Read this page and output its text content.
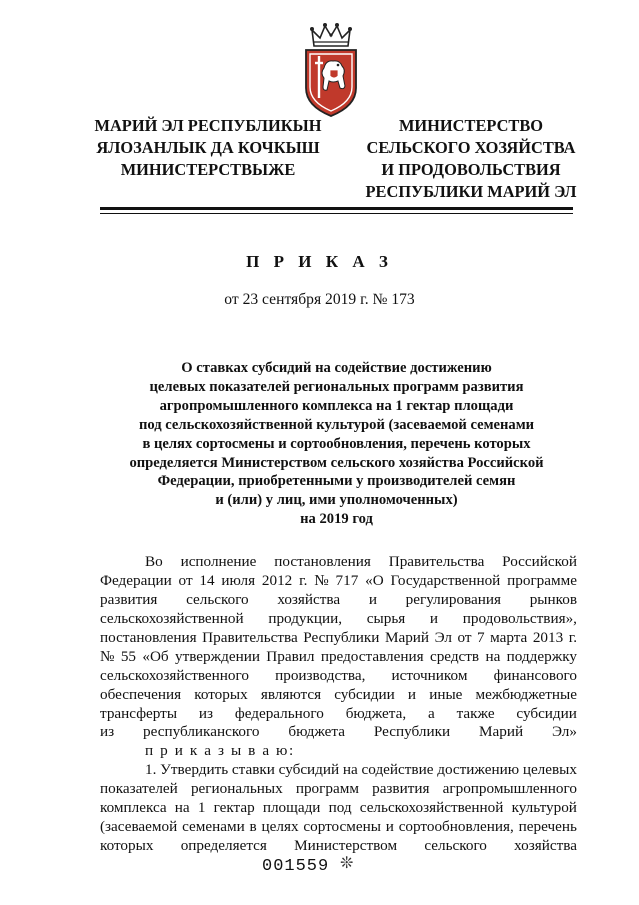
МАРИЙ ЭЛ РЕСПУБЛИКЫН
ЯЛОЗАНЛЫК ДА КОЧКЫШ
МИНИСТЕРСТВЫЖЕ
МИНИСТЕРСТВО
СЕЛЬСКОГО ХОЗЯЙСТВА
И ПРОДОВОЛЬСТВИЯ
РЕСПУБЛИКИ МАРИЙ ЭЛ
П Р И К А З
от 23 сентября 2019 г. № 173
О ставках субсидий на содействие достижению
целевых показателей региональных программ развития
агропромышленного комплекса на 1 гектар площади
под сельскохозяйственной культурой (засеваемой семенами
в целях сортосмены и сортообновления, перечень которых
определяется Министерством сельского хозяйства Российской
Федерации, приобретенными у производителей семян
и (или) у лиц, ими уполномоченных)
на 2019 год
Во исполнение постановления Правительства Российской
Федерации от 14 июля 2012 г. № 717 «О Государственной программе
развития сельского хозяйства и регулирования рынков
сельскохозяйственной продукции, сырья и продовольствия»,
постановления Правительства Республики Марий Эл от 7 марта 2013 г.
№ 55 «Об утверждении Правил предоставления средств на поддержку
сельскохозяйственного производства, источником финансового
обеспечения которых являются субсидии и иные межбюджетные
трансферты из федерального бюджета, а также субсидии
из республиканского бюджета Республики Марий Эл»
п р и к а з ы в а ю:
1. Утвердить ставки субсидий на содействие достижению целевых
показателей региональных программ развития агропромышленного
комплекса на 1 гектар площади под сельскохозяйственной культурой
(засеваемой семенами в целях сортосмены и сортообновления, перечень
которых определяется Министерством сельского хозяйства
001559 ❊
